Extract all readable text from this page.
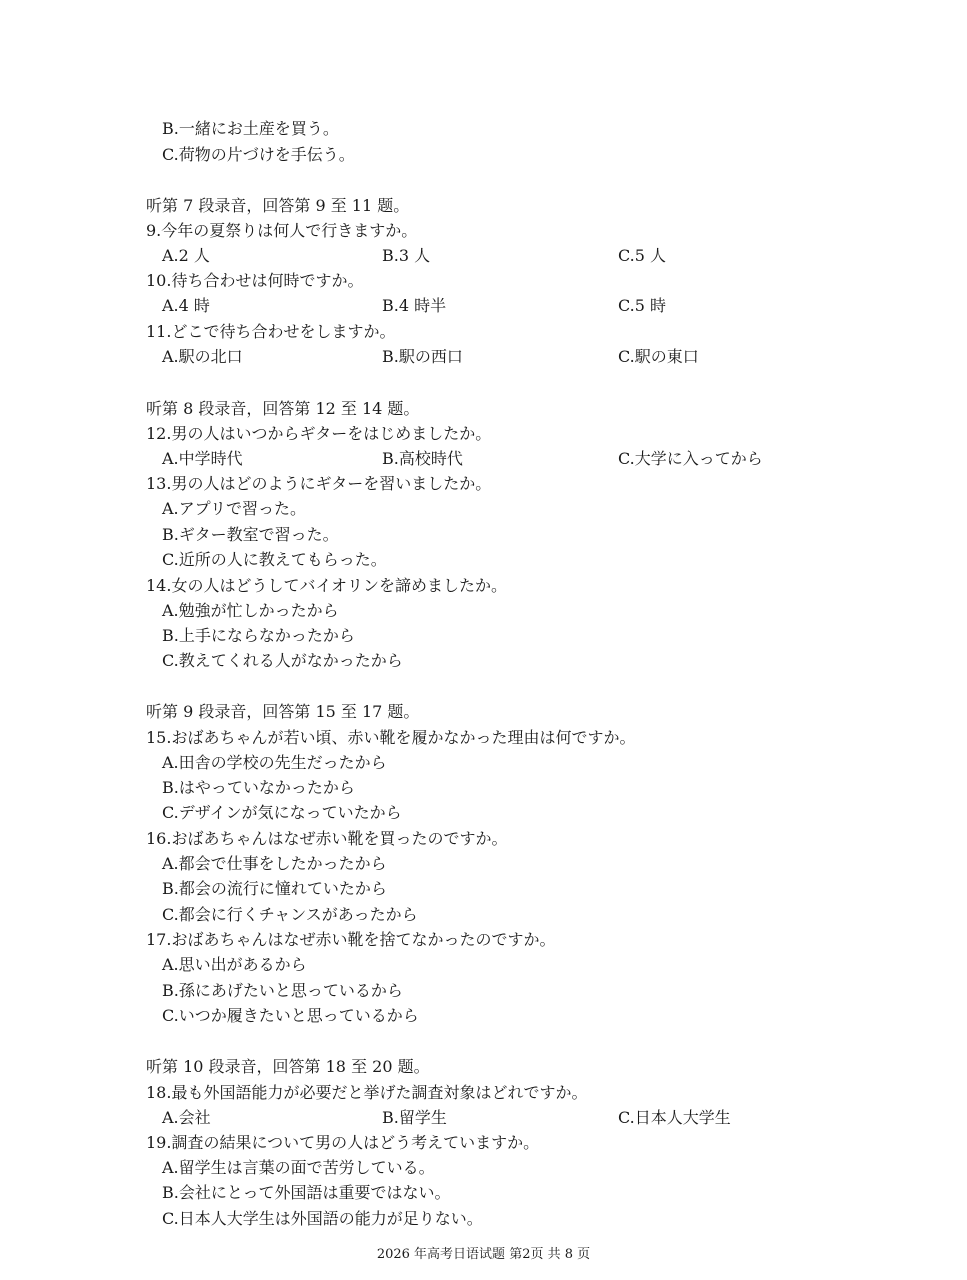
B.一緒にお土産を買う。
C.荷物の片づけを手伝う。
听第 7 段录音，回答第 9 至 11 题。
9.今年の夏祭りは何人で行きますか。
A.2 人	B.3 人	C.5 人
10.待ち合わせは何時ですか。
A.4 時	B.4 時半	C.5 時
11.どこで待ち合わせをしますか。
A.駅の北口	B.駅の西口	C.駅の東口
听第 8 段录音，回答第 12 至 14 题。
12.男の人はいつからギターをはじめましたか。
A.中学時代	B.高校時代	C.大学に入ってから
13.男の人はどのようにギターを習いましたか。
A.アプリで習った。
B.ギター教室で習った。
C.近所の人に教えてもらった。
14.女の人はどうしてバイオリンを諦めましたか。
A.勉強が忙しかったから
B.上手にならなかったから
C.教えてくれる人がなかったから
听第 9 段录音，回答第 15 至 17 题。
15.おばあちゃんが若い頃、赤い靴を履かなかった理由は何ですか。
A.田舎の学校の先生だったから
B.はやっていなかったから
C.デザインが気になっていたから
16.おばあちゃんはなぜ赤い靴を買ったのですか。
A.都会で仕事をしたかったから
B.都会の流行に憧れていたから
C.都会に行くチャンスがあったから
17.おばあちゃんはなぜ赤い靴を捨てなかったのですか。
A.思い出があるから
B.孫にあげたいと思っているから
C.いつか履きたいと思っているから
听第 10 段录音，回答第 18 至 20 题。
18.最も外国語能力が必要だと挙げた調査対象はどれですか。
A.会社	B.留学生	C.日本人大学生
19.調査の結果について男の人はどう考えていますか。
A.留学生は言葉の面で苦労している。
B.会社にとって外国語は重要ではない。
C.日本人大学生は外国語の能力が足りない。
2026 年高考日语试题 第2页 共 8 页
